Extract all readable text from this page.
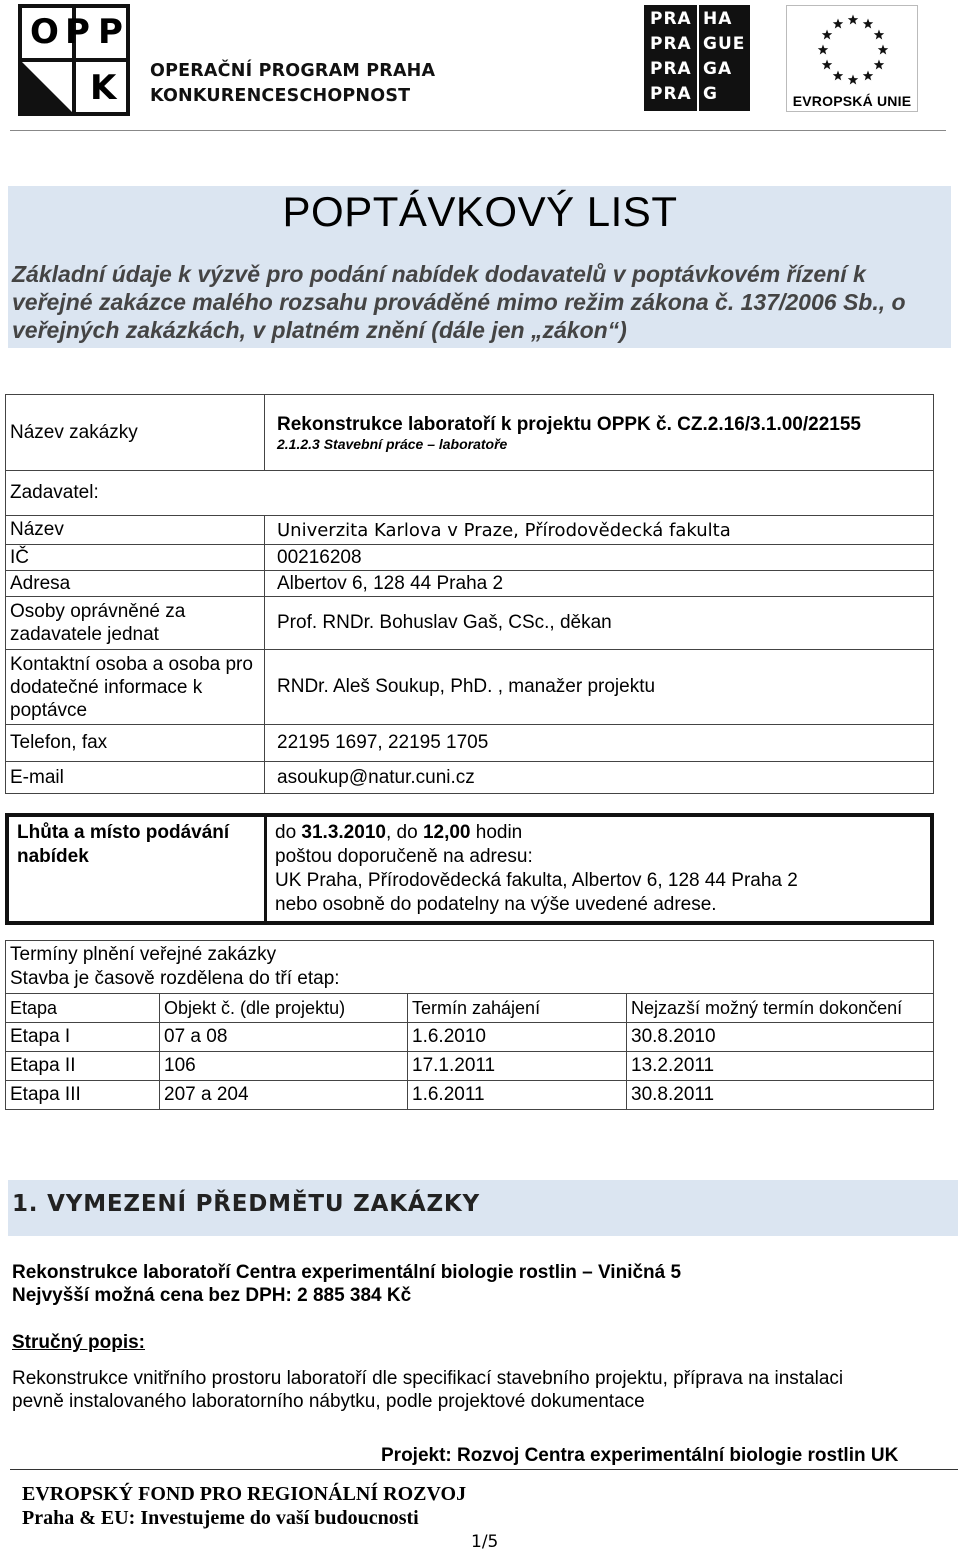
O P P
K OPERAČNÍ PROGRAM PRAHA
KONKURENCESCHOPNOST
PRA
PRA
PRA
PRA
HA
GUE
GA
G	EVROPSKÁ UNIE
POPTÁVKOVÝ LIST
Základní údaje k výzvě pro podání nabídek dodavatelů v poptávkovém řízení k veřejné zakázce malého rozsahu prováděné mimo režim zákona č. 137/2006 Sb., o veřejných zakázkách, v platném znění (dále jen „zákon“)
Název zakázky	Rekonstrukce laboratoří k projektu OPPK č. CZ.2.16/3.1.00/22155
2.1.2.3 Stavební práce – laboratoře

Zadavatel:	
Název	Univerzita Karlova v Praze, Přírodovědecká fakulta
IČ	00216208
Adresa	Albertov 6, 128 44 Praha 2
Osoby oprávněné za zadavatele jednat	Prof. RNDr. Bohuslav Gaš, CSc., děkan
Kontaktní osoba a osoba pro dodatečné informace k poptávce	RNDr. Aleš Soukup, PhD. , manažer projektu
Telefon, fax	22195 1697, 22195 1705
E-mail	asoukup@natur.cuni.cz
Lhůta a místo podávání nabídek	
do 31.3.2010, do 12,00 hodin
poštou doporučeně na adresu:
UK Praha, Přírodovědecká fakulta, Albertov 6, 128 44 Praha 2
nebo osobně do podatelny na výše uvedené adrese.
Termíny plnění veřejné zakázky
Stavba je časově rozdělena do tří etap:			

Etapa	Objekt č. (dle projektu)	Termín zahájení	Nejzazší možný termín dokončení
Etapa I	07 a 08	1.6.2010	30.8.2010
Etapa II	106	17.1.2011	13.2.2011
Etapa III	207 a 204	1.6.2011	30.8.2011
1. VYMEZENÍ PŘEDMĚTU ZAKÁZKY
Rekonstrukce laboratoří Centra experimentální biologie rostlin – Viničná 5
Nejvyšší možná cena bez DPH: 2 885 384 Kč
Stručný popis:
Rekonstrukce vnitřního prostoru laboratoří dle specifikací stavebního projektu, příprava na instalaci
pevně instalovaného laboratorního nábytku, podle projektové dokumentace
Projekt: Rozvoj Centra experimentální biologie rostlin UK
EVROPSKÝ FOND PRO REGIONÁLNÍ ROZVOJ
Praha & EU: Investujeme do vaší budoucnosti
1/5
